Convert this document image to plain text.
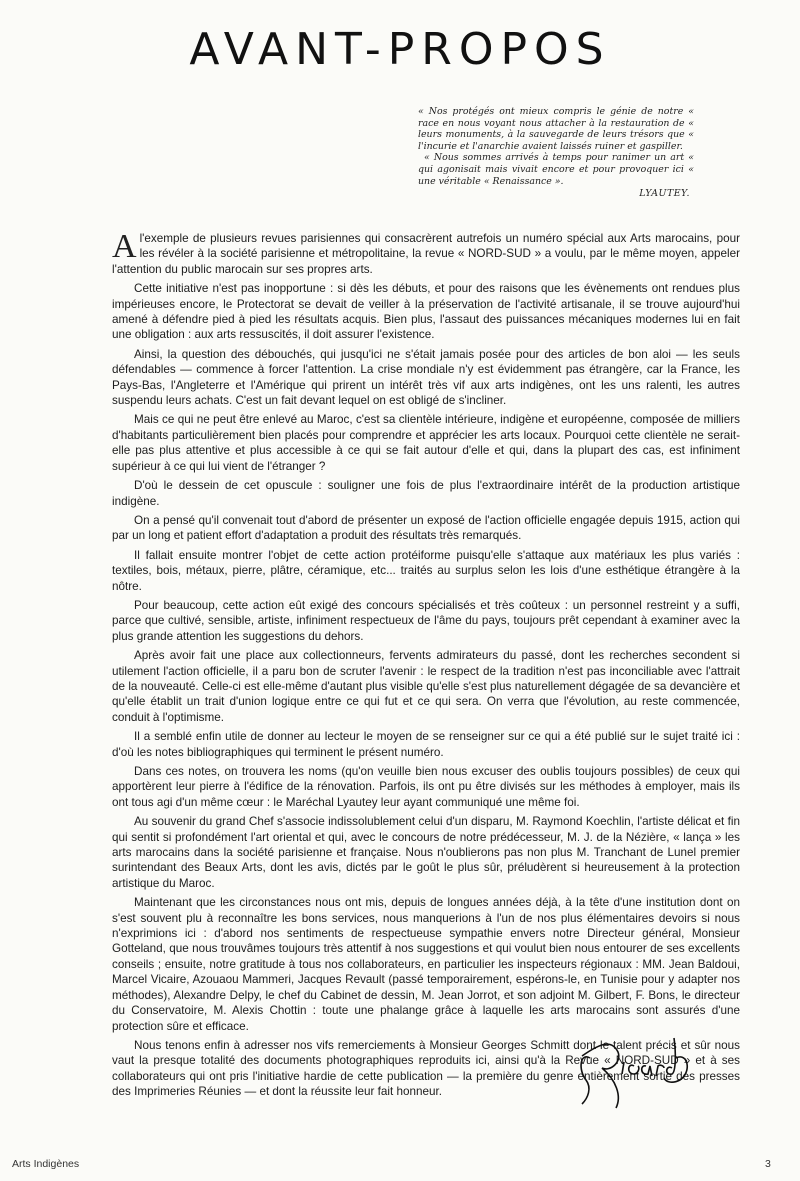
AVANT-PROPOS

« Nos protégés ont mieux compris le génie de notre « race en nous voyant nous attacher à la restauration de « leurs monuments, à la sauvegarde de leurs trésors que « l'incurie et l'anarchie avaient laissés ruiner et gaspiller.

« Nous sommes arrivés à temps pour ranimer un art « qui agonisait mais vivait encore et pour provoquer ici « une véritable « Renaissance ».

LYAUTEY.

Al'exemple de plusieurs revues parisiennes qui consacrèrent autrefois un numéro spécial aux Arts marocains, pour les révéler à la société parisienne et métropolitaine, la revue « NORD-SUD » a voulu, par le même moyen, appeler l'attention du public marocain sur ses propres arts.

Cette initiative n'est pas inopportune : si dès les débuts, et pour des raisons que les évènements ont rendues plus impérieuses encore, le Protectorat se devait de veiller à la préservation de l'activité artisanale, il se trouve aujourd'hui amené à défendre pied à pied les résultats acquis. Bien plus, l'assaut des puissances mécaniques modernes lui en fait une obligation : aux arts ressuscités, il doit assurer l'existence.

Ainsi, la question des débouchés, qui jusqu'ici ne s'était jamais posée pour des articles de bon aloi — les seuls défendables — commence à forcer l'attention. La crise mondiale n'y est évidemment pas étrangère, car la France, les Pays-Bas, l'Angleterre et l'Amérique qui prirent un intérêt très vif aux arts indigènes, ont les uns ralenti, les autres suspendu leurs achats. C'est un fait devant lequel on est obligé de s'incliner.

Mais ce qui ne peut être enlevé au Maroc, c'est sa clientèle intérieure, indigène et européenne, composée de milliers d'habitants particulièrement bien placés pour comprendre et apprécier les arts locaux. Pourquoi cette clientèle ne serait-elle pas plus attentive et plus accessible à ce qui se fait autour d'elle et qui, dans la plupart des cas, est infiniment supérieur à ce qui lui vient de l'étranger ?

D'où le dessein de cet opuscule : souligner une fois de plus l'extraordinaire intérêt de la production artistique indigène.

On a pensé qu'il convenait tout d'abord de présenter un exposé de l'action officielle engagée depuis 1915, action qui par un long et patient effort d'adaptation a produit des résultats très remarqués.

Il fallait ensuite montrer l'objet de cette action protéiforme puisqu'elle s'attaque aux matériaux les plus variés : textiles, bois, métaux, pierre, plâtre, céramique, etc... traités au surplus selon les lois d'une esthétique étrangère à la nôtre.

Pour beaucoup, cette action eût exigé des concours spécialisés et très coûteux : un personnel restreint y a suffi, parce que cultivé, sensible, artiste, infiniment respectueux de l'âme du pays, toujours prêt cependant à examiner avec la plus grande attention les suggestions du dehors.

Après avoir fait une place aux collectionneurs, fervents admirateurs du passé, dont les recherches secondent si utilement l'action officielle, il a paru bon de scruter l'avenir : le respect de la tradition n'est pas inconciliable avec l'attrait de la nouveauté. Celle-ci est elle-même d'autant plus visible qu'elle s'est plus naturellement dégagée de sa devancière et qu'elle établit un trait d'union logique entre ce qui fut et ce qui sera. On verra que l'évolution, au reste commencée, conduit à l'optimisme.

Il a semblé enfin utile de donner au lecteur le moyen de se renseigner sur ce qui a été publié sur le sujet traité ici : d'où les notes bibliographiques qui terminent le présent numéro.

Dans ces notes, on trouvera les noms (qu'on veuille bien nous excuser des oublis toujours possibles) de ceux qui apportèrent leur pierre à l'édifice de la rénovation. Parfois, ils ont pu être divisés sur les méthodes à employer, mais ils ont tous agi d'un même cœur : le Maréchal Lyautey leur ayant communiqué une même foi.

Au souvenir du grand Chef s'associe indissolublement celui d'un disparu, M. Raymond Koechlin, l'artiste délicat et fin qui sentit si profondément l'art oriental et qui, avec le concours de notre prédécesseur, M. J. de la Nézière, « lança » les arts marocains dans la société parisienne et française. Nous n'oublierons pas non plus M. Tranchant de Lunel premier surintendant des Beaux Arts, dont les avis, dictés par le goût le plus sûr, préludèrent si heureusement à la protection artistique du Maroc.

Maintenant que les circonstances nous ont mis, depuis de longues années déjà, à la tête d'une institution dont on s'est souvent plu à reconnaître les bons services, nous manquerions à l'un de nos plus élémentaires devoirs si nous n'exprimions ici : d'abord nos sentiments de respectueuse sympathie envers notre Directeur général, Monsieur Gotteland, que nous trouvâmes toujours très attentif à nos suggestions et qui voulut bien nous entourer de ses excellents conseils ; ensuite, notre gratitude à tous nos collaborateurs, en particulier les inspecteurs régionaux : MM. Jean Baldoui, Marcel Vicaire, Azouaou Mammeri, Jacques Revault (passé temporairement, espérons-le, en Tunisie pour y adapter nos méthodes), Alexandre Delpy, le chef du Cabinet de dessin, M. Jean Jorrot, et son adjoint M. Gilbert, F. Bons, le directeur du Conservatoire, M. Alexis Chottin : toute une phalange grâce à laquelle les arts marocains sont assurés d'une protection sûre et efficace.

Nous tenons enfin à adresser nos vifs remerciements à Monsieur Georges Schmitt dont le talent précis et sûr nous vaut la presque totalité des documents photographiques reproduits ici, ainsi qu'à la Revue « NORD-SUD » et à ses collaborateurs qui ont pris l'initiative hardie de cette publication — la première du genre entièrement sortie des presses des Imprimeries Réunies — et dont la réussite leur fait honneur.

Arts Indigènes	3
